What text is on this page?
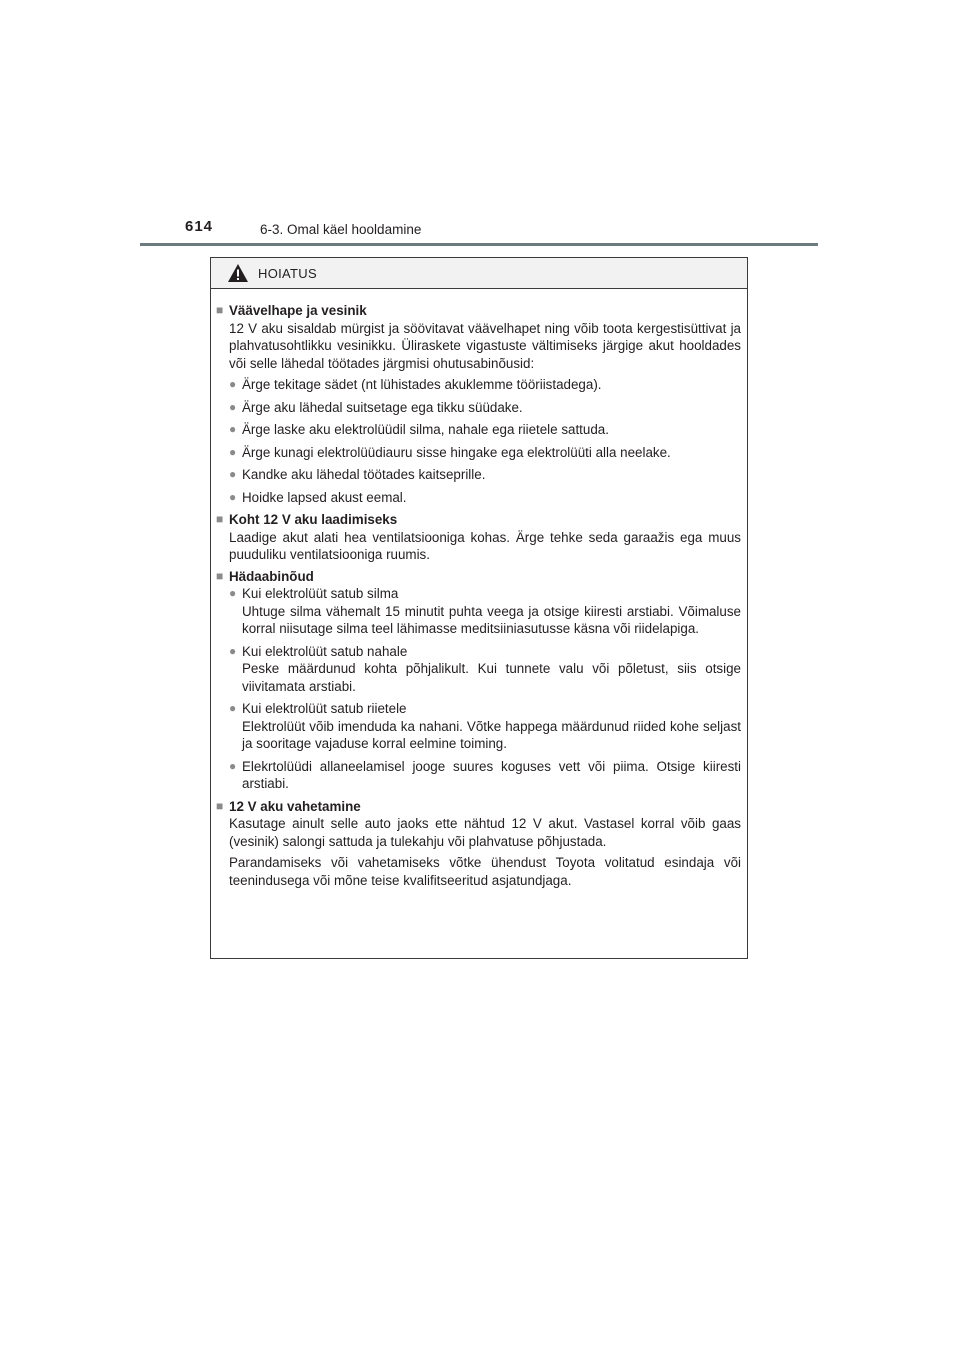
614	6-3. Omal käel hooldamine
HOIATUS
■ Väävelhape ja vesinik
12 V aku sisaldab mürgist ja söövitavat väävelhapet ning võib toota kergestisüttivat ja plahvatusohtlikku vesinikku. Üliraskete vigastuste vältimiseks järgige akut hooldades või selle lähedal töötades järgmisi ohutusabinõusid:
● Ärge tekitage sädet (nt lühistades akuklemme tööriistadega).
● Ärge aku lähedal suitsetage ega tikku süüdake.
● Ärge laske aku elektrolüüdil silma, nahale ega riietele sattuda.
● Ärge kunagi elektrolüüdiauru sisse hingake ega elektrolüüti alla neelake.
● Kandke aku lähedal töötades kaitseprille.
● Hoidke lapsed akust eemal.
■ Koht 12 V aku laadimiseks
Laadige akut alati hea ventilatsiooniga kohas. Ärge tehke seda garaažis ega muus puuduliku ventilatsiooniga ruumis.
■ Hädaabinõud
● Kui elektrolüüt satub silma
Uhtuge silma vähemalt 15 minutit puhta veega ja otsige kiiresti arstiabi. Võimaluse korral niisutage silma teel lähimasse meditsiiniasutusse käsna või riidelapiga.
● Kui elektrolüüt satub nahale
Peske määrdunud kohta põhjalikult. Kui tunnete valu või põletust, siis otsige viivitamata arstiabi.
● Kui elektrolüüt satub riietele
Elektrolüüt võib imenduda ka nahani. Võtke happega määrdunud riided kohe seljast ja sooritage vajaduse korral eelmine toiming.
● Elekrtolüüdi allaneelamisel jooge suures koguses vett või piima. Otsige kiiresti arstiabi.
■ 12 V aku vahetamine
Kasutage ainult selle auto jaoks ette nähtud 12 V akut. Vastasel korral võib gaas (vesinik) salongi sattuda ja tulekahju või plahvatuse põhjustada.
Parandamiseks või vahetamiseks võtke ühendust Toyota volitatud esindaja või teenindusega või mõne teise kvalifitseeritud asjatundjaga.
